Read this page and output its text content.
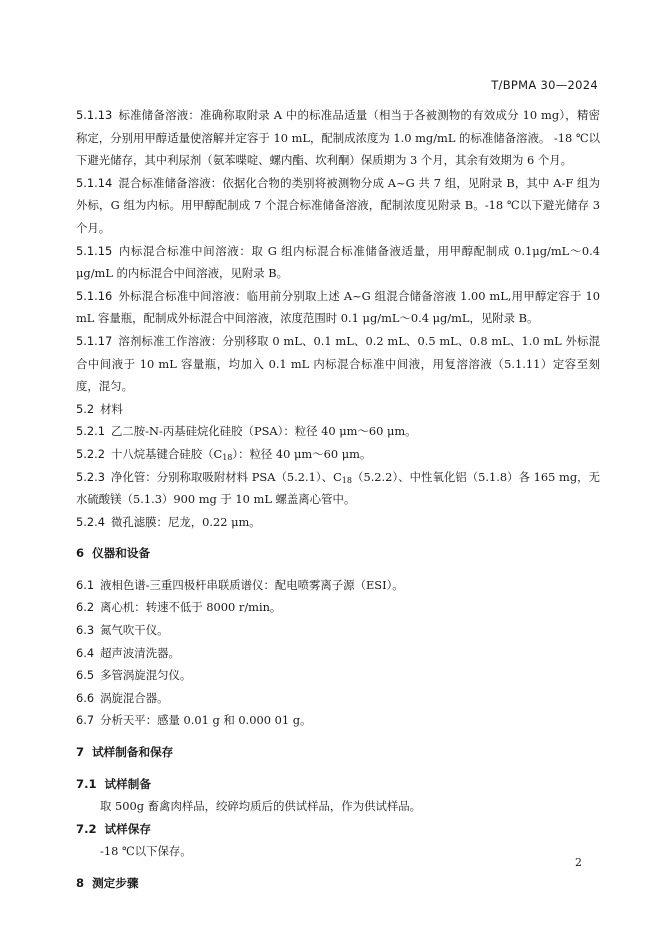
T/BPMA 30—2024

5.1.13 标准储备溶液：准确称取附录 A 中的标准品适量（相当于各被测物的有效成分 10 mg），精密称定，分别用甲醇适量使溶解并定容于 10 mL，配制成浓度为 1.0 mg/mL 的标准储备溶液。 -18 ℃以下避光储存，其中利尿剂（氨苯喋啶、螺内酯、坎利酮）保质期为 3 个月，其余有效期为 6 个月。

5.1.14 混合标准储备溶液：依据化合物的类别将被测物分成 A~G 共 7 组，见附录 B，其中 A-F 组为外标，G 组为内标。用甲醇配制成 7 个混合标准储备溶液，配制浓度见附录 B。-18 ℃以下避光储存 3 个月。

5.1.15 内标混合标准中间溶液：取 G 组内标混合标准储备液适量，用甲醇配制成 0.1μg/mL～0.4 μg/mL 的内标混合中间溶液，见附录 B。

5.1.16 外标混合标准中间溶液：临用前分别取上述 A~G 组混合储备溶液 1.00 mL,用甲醇定容于 10 mL 容量瓶，配制成外标混合中间溶液，浓度范围时 0.1 μg/mL～0.4 μg/mL，见附录 B。

5.1.17 溶剂标准工作溶液：分别移取 0 mL、0.1 mL、0.2 mL、0.5 mL、0.8 mL、1.0 mL 外标混合中间液于 10 mL 容量瓶，均加入 0.1 mL 内标混合标准中间液，用复溶溶液（5.1.11）定容至刻度，混匀。

5.2 材料

5.2.1 乙二胺-N-丙基硅烷化硅胶（PSA）：粒径 40 μm～60 μm。

5.2.2 十八烷基键合硅胶$(C_{18})$：粒径 40 μm～60 μm。

5.2.3 净化管：分别称取吸附材料 PSA（5.2.1）、$C_{18}(5.2.2)$、中性氧化铝（5.1.8）各 165 mg，无水硫酸镁（5.1.3）900 mg 于 10 mL 螺盖离心管中。

5.2.4 微孔滤膜：尼龙，0.22 μm。

6 仪器和设备

6.1 液相色谱-三重四极杆串联质谱仪：配电喷雾离子源（ESI）。

6.2 离心机：转速不低于 8000 r/min。

6.3 氮气吹干仪。

6.4 超声波清洗器。

6.5 多管涡旋混匀仪。

6.6 涡旋混合器。

6.7 分析天平：感量 0.01 g 和 0.000 01 g。

7 试样制备和保存

7.1 试样制备

取 500g 畜禽肉样品，绞碎均质后的供试样品，作为供试样品。

7.2 试样保存

-18 ℃以下保存。

8 测定步骤

2
